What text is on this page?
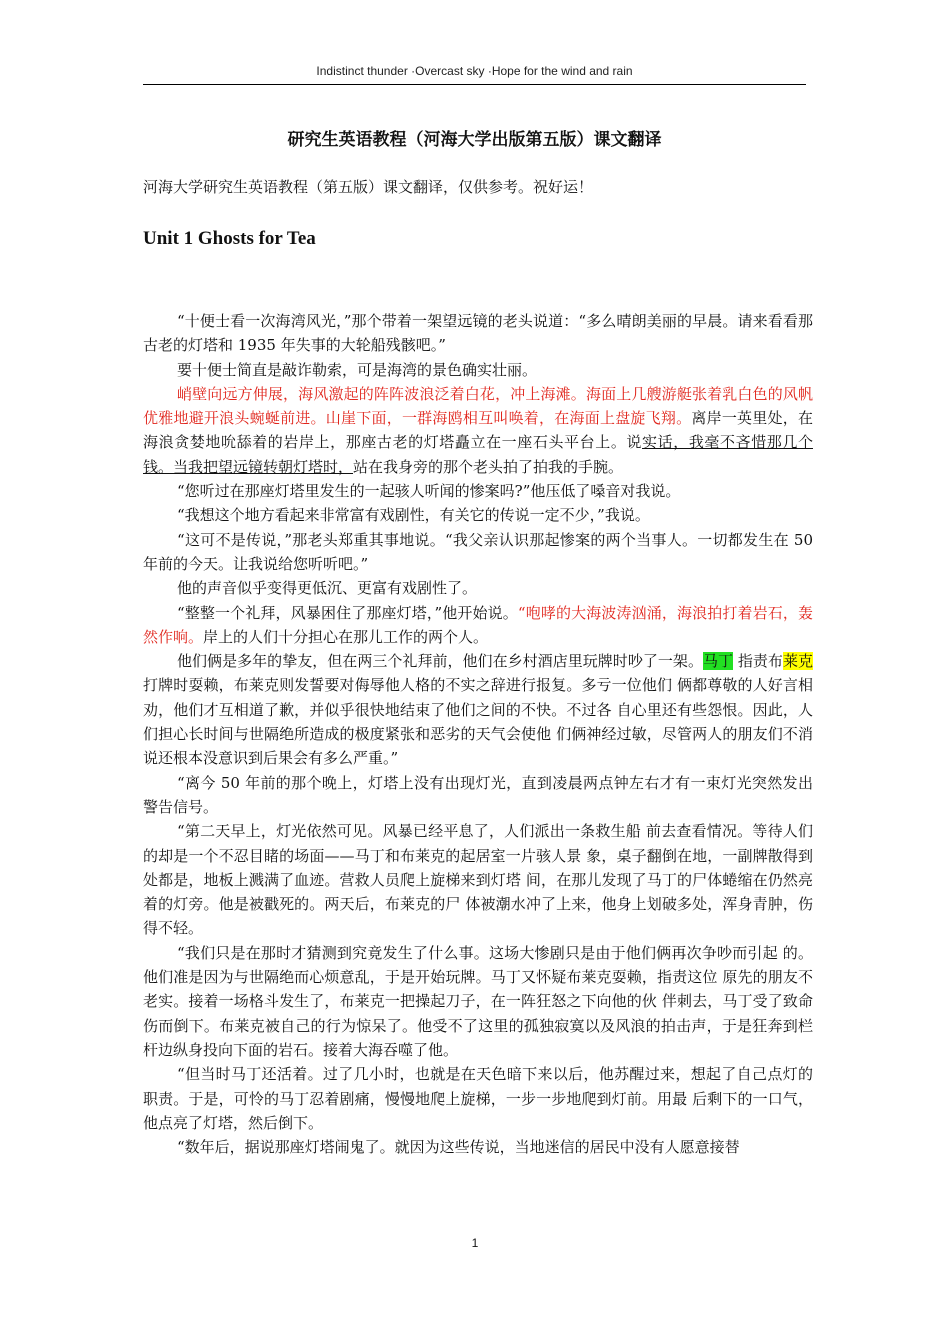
Indistinct thunder ·Overcast sky ·Hope for the wind and rain
研究生英语教程（河海大学出版第五版）课文翻译
河海大学研究生英语教程（第五版）课文翻译，仅供参考。祝好运！
Unit 1 Ghosts for Tea

“十便士看一次海湾风光，”那个带着一架望远镜的老头说道：“多么晴朗美丽的早晨。请来看看那古老的灯塔和 1935 年失事的大轮船残骸吧。”

要十便士简直是敲诈勒索，可是海湾的景色确实壮丽。

峭壁向远方伸展，海风激起的阵阵波浪泛着白花，冲上海滩。海面上几艘游艇张着乳白色的风帆优雅地避开浪头蜿蜒前进。山崖下面，一群海鸥相互叫唤着，在海面上盘旋飞翔。离岸一英里处，在海浪贪婪地吮舔着的岩岸上，那座古老的灯塔矗立在一座石头平台上。说实话，我毫不吝惜那几个钱。当我把望远镜转朝灯塔时，站在我身旁的那个老头拍了拍我的手腕。

“您听过在那座灯塔里发生的一起骇人听闻的惨案吗?”他压低了嗓音对我说。

“我想这个地方看起来非常富有戏剧性，有关它的传说一定不少，”我说。

“这可不是传说，”那老头郑重其事地说。“我父亲认识那起惨案的两个当事人。一切都发生在 50 年前的今天。让我说给您听听吧。”

他的声音似乎变得更低沉、更富有戏剧性了。

“整整一个礼拜，风暴困住了那座灯塔，”他开始说。“咆哮的大海波涛汹涌，海浪拍打着岩石，轰然作响。岸上的人们十分担心在那儿工作的两个人。

他们俩是多年的挚友，但在两三个礼拜前，他们在乡村酒店里玩牌时吵了一架。马丁 指责布莱克打牌时耍赖，布莱克则发誓要对侮辱他人格的不实之辞进行报复。多亏一位他们 俩都尊敬的人好言相劝，他们才互相道了歉，并似乎很快地结束了他们之间的不快。不过各 自心里还有些怨恨。因此，人们担心长时间与世隔绝所造成的极度紧张和恶劣的天气会使他 们俩神经过敏，尽管两人的朋友们不消说还根本没意识到后果会有多么严重。”

“离今 50 年前的那个晚上，灯塔上没有出现灯光，直到凌晨两点钟左右才有一束灯光突然发出警告信号。

“第二天早上，灯光依然可见。风暴已经平息了，人们派出一条救生船 前去查看情况。等待人们的却是一个不忍目睹的场面——马丁和布莱克的起居室一片骇人景 象，桌子翻倒在地，一副牌散得到处都是，地板上溅满了血迹。营救人员爬上旋梯来到灯塔 间，在那儿发现了马丁的尸体蜷缩在仍然亮着的灯旁。他是被戳死的。两天后，布莱克的尸 体被潮水冲了上来，他身上划破多处，浑身青肿，伤得不轻。

“我们只是在那时才猜测到究竟发生了什么事。这场大惨剧只是由于他们俩再次争吵而引起 的。他们准是因为与世隔绝而心烦意乱，于是开始玩牌。马丁又怀疑布莱克耍赖，指责这位 原先的朋友不老实。接着一场格斗发生了，布莱克一把操起刀子，在一阵狂怒之下向他的伙 伴刺去，马丁受了致命伤而倒下。布莱克被自己的行为惊呆了。他受不了这里的孤独寂寞以及风浪的拍击声，于是狂奔到栏杆边纵身投向下面的岩石。接着大海吞噬了他。

“但当时马丁还活着。过了几小时，也就是在天色暗下来以后，他苏醒过来，想起了自己点灯的职责。于是，可怜的马丁忍着剧痛，慢慢地爬上旋梯，一步一步地爬到灯前。用最 后剩下的一口气，他点亮了灯塔，然后倒下。

“数年后，据说那座灯塔闹鬼了。就因为这些传说，当地迷信的居民中没有人愿意接替

1
